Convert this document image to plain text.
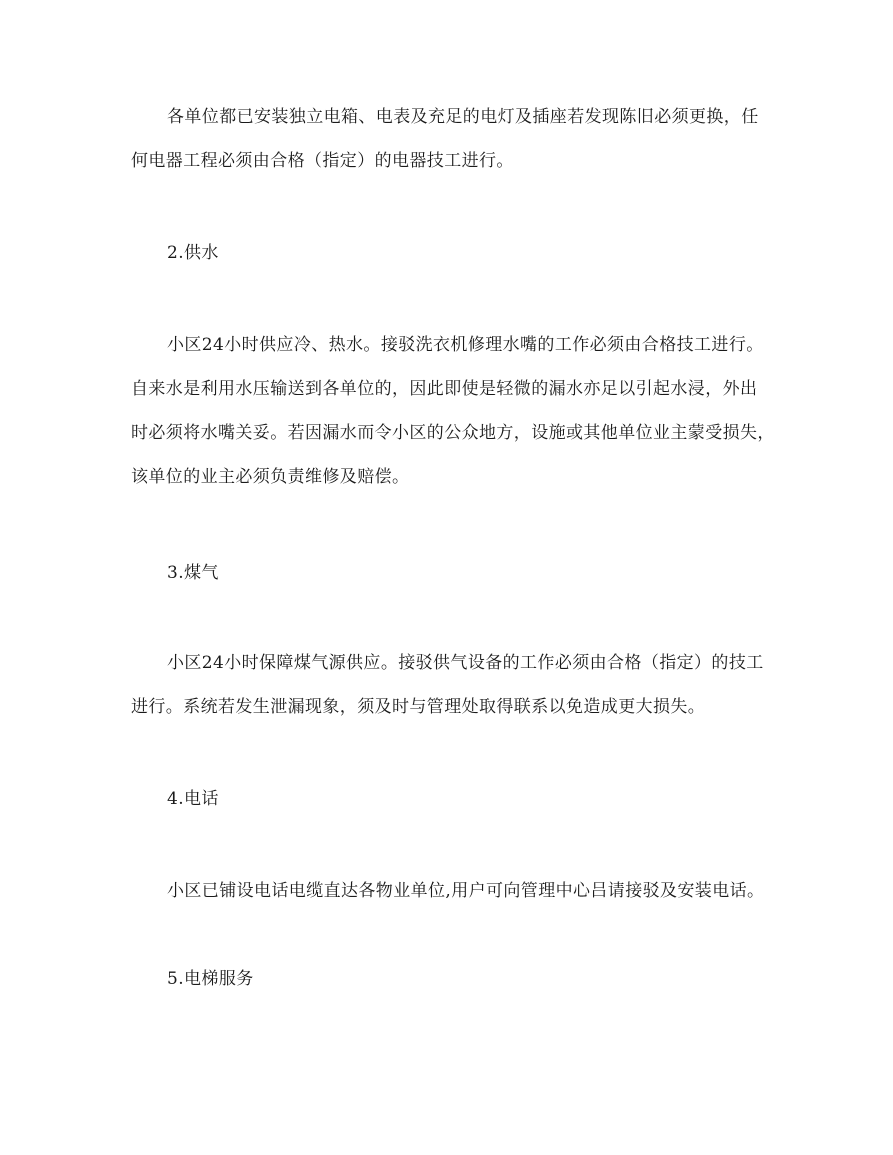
各单位都已安装独立电箱、电表及充足的电灯及插座若发现陈旧必须更换，任
何电器工程必须由合格（指定）的电器技工进行。
2.供水
小区24小时供应冷、热水。接驳洗衣机修理水嘴的工作必须由合格技工进行。
自来水是利用水压输送到各单位的，因此即使是轻微的漏水亦足以引起水浸，外出
时必须将水嘴关妥。若因漏水而令小区的公众地方，设施或其他单位业主蒙受损失，
该单位的业主必须负责维修及赔偿。
3.煤气
小区24小时保障煤气源供应。接驳供气设备的工作必须由合格（指定）的技工
进行。系统若发生泄漏现象，须及时与管理处取得联系以免造成更大损失。
4.电话
小区已铺设电话电缆直达各物业单位,用户可向管理中心吕请接驳及安装电话。
5.电梯服务
